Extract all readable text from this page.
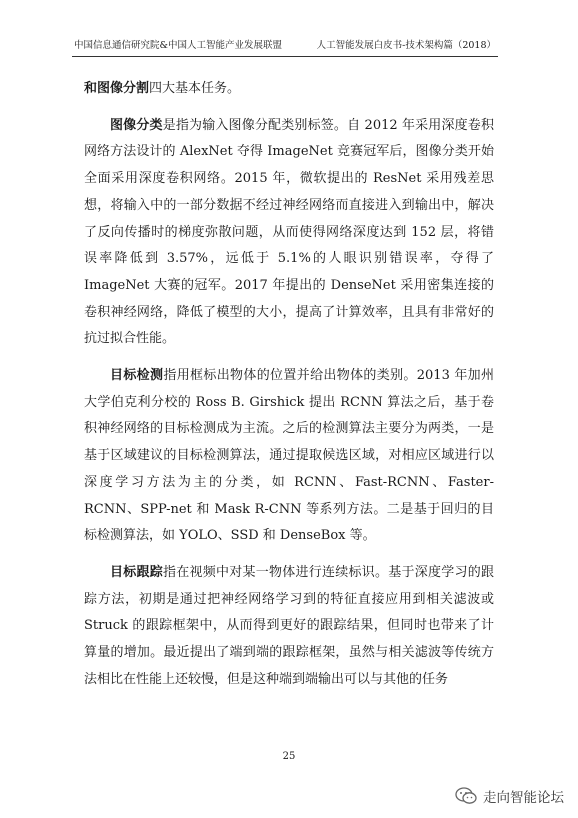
中国信息通信研究院&中国人工智能产业发展联盟	人工智能发展白皮书-技术架构篇（2018）

和图像分割四大基本任务。

图像分类是指为输入图像分配类别标签。自 2012 年采用深度卷积网络方法设计的 AlexNet 夺得 ImageNet 竞赛冠军后，图像分类开始全面采用深度卷积网络。2015 年，微软提出的 ResNet 采用残差思想，将输入中的一部分数据不经过神经网络而直接进入到输出中，解决了反向传播时的梯度弥散问题，从而使得网络深度达到 152 层，将错误率降低到 3.57%，远低于 5.1%的人眼识别错误率，夺得了 ImageNet 大赛的冠军。2017 年提出的 DenseNet 采用密集连接的卷积神经网络，降低了模型的大小，提高了计算效率，且具有非常好的抗过拟合性能。

目标检测指用框标出物体的位置并给出物体的类别。2013 年加州大学伯克利分校的 Ross B. Girshick 提出 RCNN 算法之后，基于卷积神经网络的目标检测成为主流。之后的检测算法主要分为两类，一是基于区域建议的目标检测算法，通过提取候选区域，对相应区域进行以深度学习方法为主的分类，如 RCNN、Fast-RCNN、Faster-RCNN、SPP-net 和 Mask R-CNN 等系列方法。二是基于回归的目标检测算法，如 YOLO、SSD 和 DenseBox 等。

目标跟踪指在视频中对某一物体进行连续标识。基于深度学习的跟踪方法，初期是通过把神经网络学习到的特征直接应用到相关滤波或 Struck 的跟踪框架中，从而得到更好的跟踪结果，但同时也带来了计算量的增加。最近提出了端到端的跟踪框架，虽然与相关滤波等传统方法相比在性能上还较慢，但是这种端到端输出可以与其他的任务

25
走向智能论坛
